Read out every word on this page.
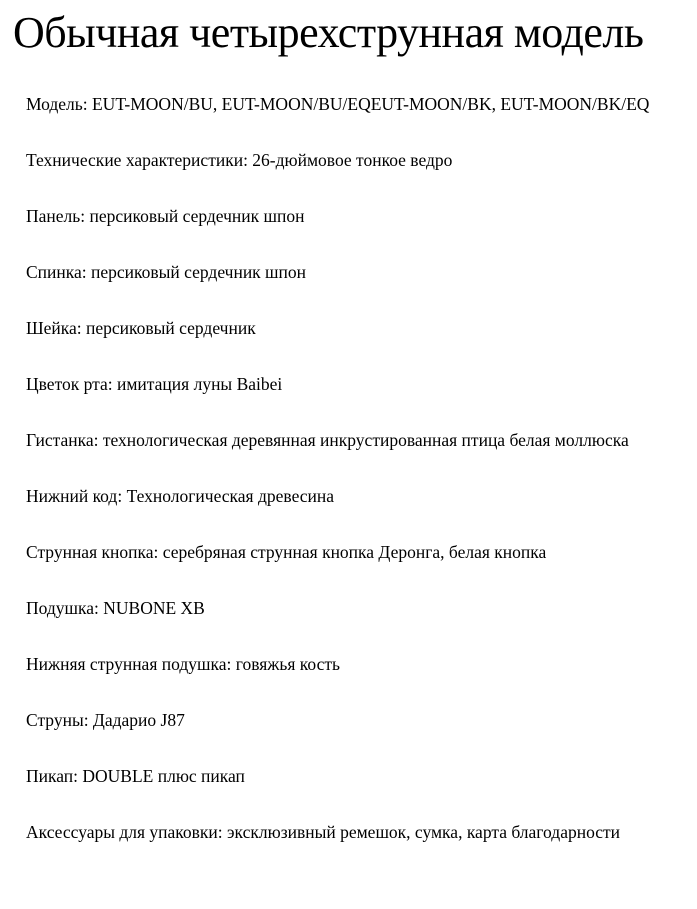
Обычная четырехструнная модель
Модель: EUT-MOON/BU, EUT-MOON/BU/EQEUT-MOON/BK, EUT-MOON/BK/EQ
Технические характеристики: 26-дюймовое тонкое ведро
Панель: персиковый сердечник шпон
Спинка: персиковый сердечник шпон
Шейка: персиковый сердечник
Цветок рта: имитация луны Baibei
Гистанка: технологическая деревянная инкрустированная птица белая моллюска
Нижний код: Технологическая древесина
Струнная кнопка: серебряная струнная кнопка Деронга, белая кнопка
Подушка: NUBONE XB
Нижняя струнная подушка: говяжья кость
Струны: Дадарио J87
Пикап: DOUBLE плюс пикап
Аксессуары для упаковки: эксклюзивный ремешок, сумка, карта благодарности
